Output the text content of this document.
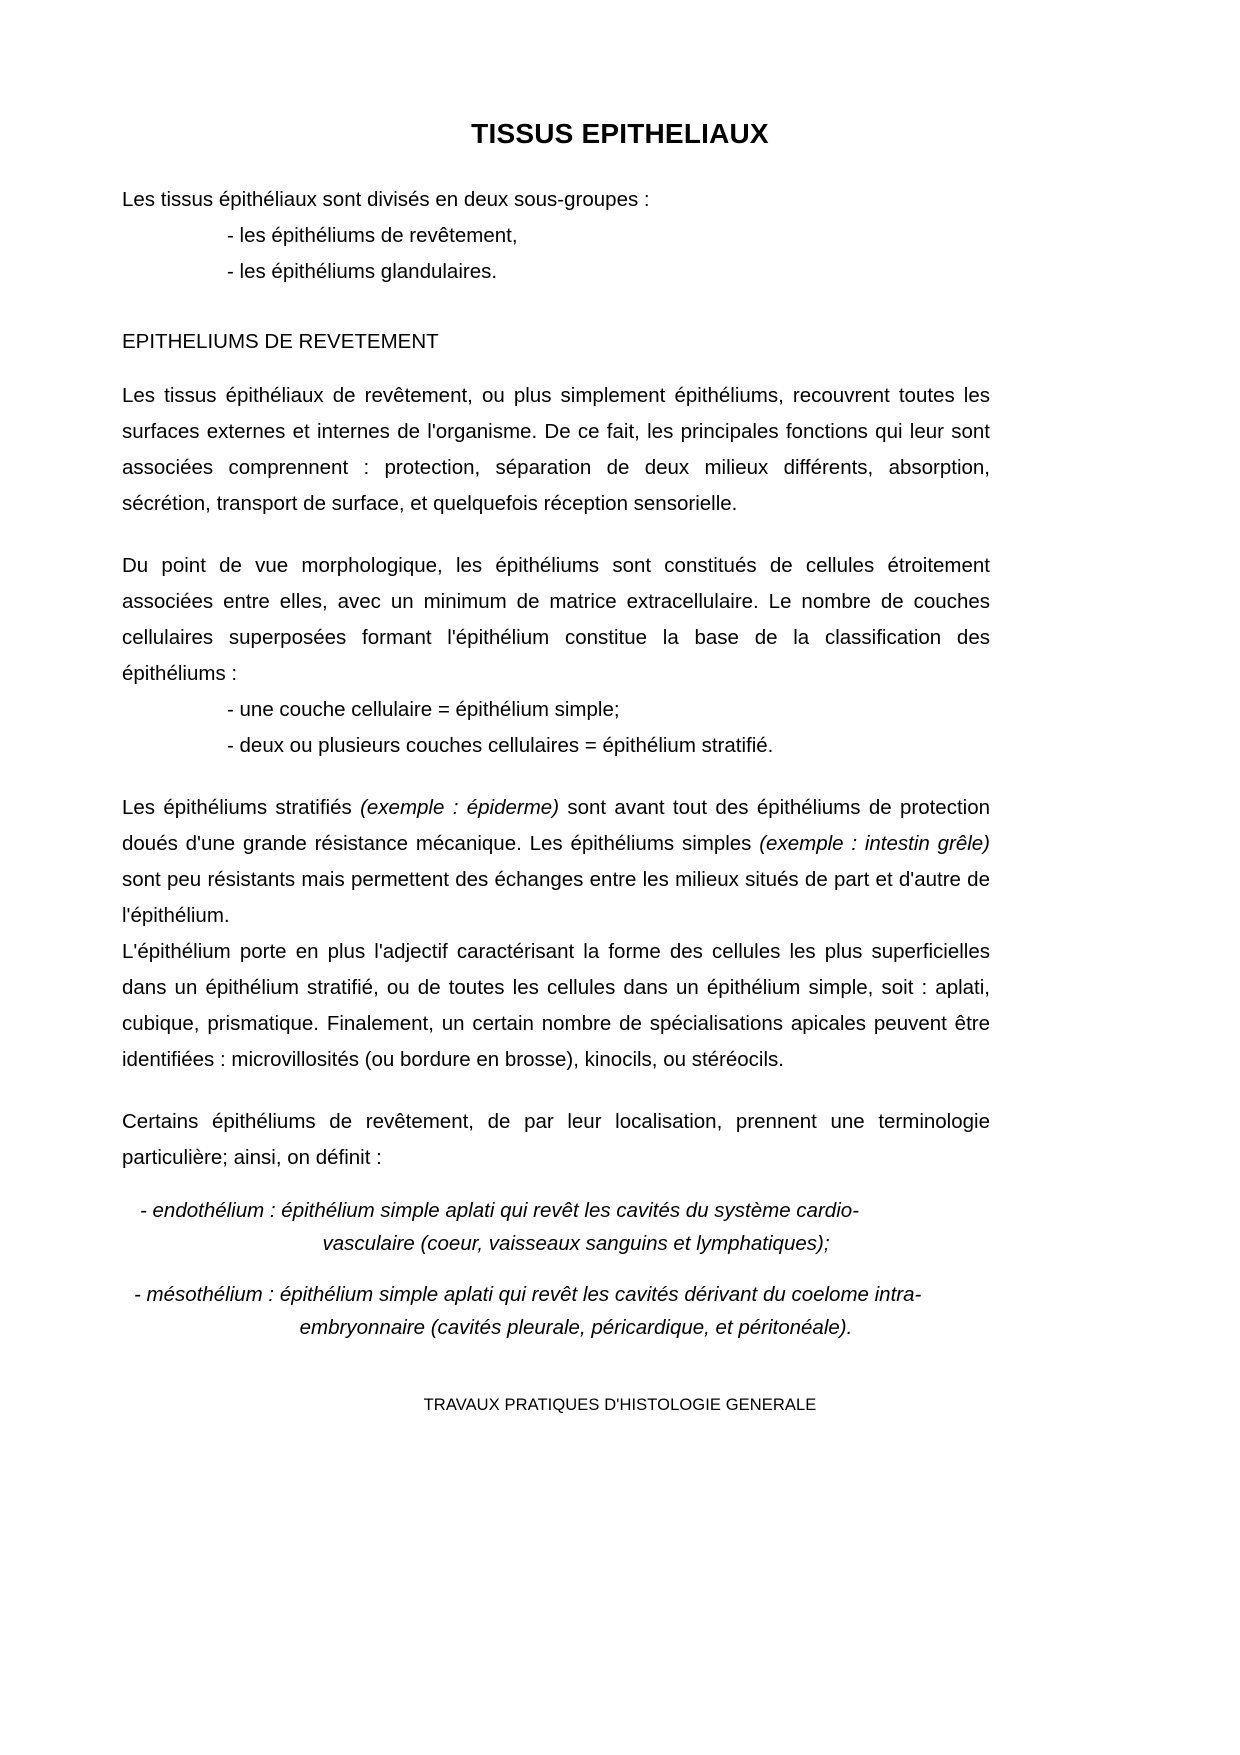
TISSUS EPITHELIAUX

Les tissus épithéliaux sont divisés en deux sous-groupes :

- les épithéliums de revêtement,

- les épithéliums glandulaires.

EPITHELIUMS DE REVETEMENT

Les tissus épithéliaux de revêtement, ou plus simplement épithéliums, recouvrent toutes les surfaces externes et internes de l'organisme. De ce fait, les principales fonctions qui leur sont associées comprennent : protection, séparation de deux milieux différents, absorption, sécrétion, transport de surface, et quelquefois réception sensorielle.

Du point de vue morphologique, les épithéliums sont constitués de cellules étroitement associées entre elles, avec un minimum de matrice extracellulaire. Le nombre de couches cellulaires superposées formant l'épithélium constitue la base de la classification des épithéliums :

- une couche cellulaire = épithélium simple;

- deux ou plusieurs couches cellulaires = épithélium stratifié.

Les épithéliums stratifiés (exemple : épiderme) sont avant tout des épithéliums de protection doués d'une grande résistance mécanique. Les épithéliums simples (exemple : intestin grêle) sont peu résistants mais permettent des échanges entre les milieux situés de part et d'autre de l'épithélium.

L'épithélium porte en plus l'adjectif caractérisant la forme des cellules les plus superficielles dans un épithélium stratifié, ou de toutes les cellules dans un épithélium simple, soit : aplati, cubique, prismatique. Finalement, un certain nombre de spécialisations apicales peuvent être identifiées : microvillosités (ou bordure en brosse), kinocils, ou stéréocils.

Certains épithéliums de revêtement, de par leur localisation, prennent une terminologie particulière; ainsi, on définit :

- endothélium : épithélium simple aplati qui revêt les cavités du système cardio-

vasculaire (coeur, vaisseaux sanguins et lymphatiques);

- mésothélium : épithélium simple aplati qui revêt les cavités dérivant du coelome intra-

embryonnaire (cavités pleurale, péricardique, et péritonéale).

TRAVAUX PRATIQUES D'HISTOLOGIE GENERALE
